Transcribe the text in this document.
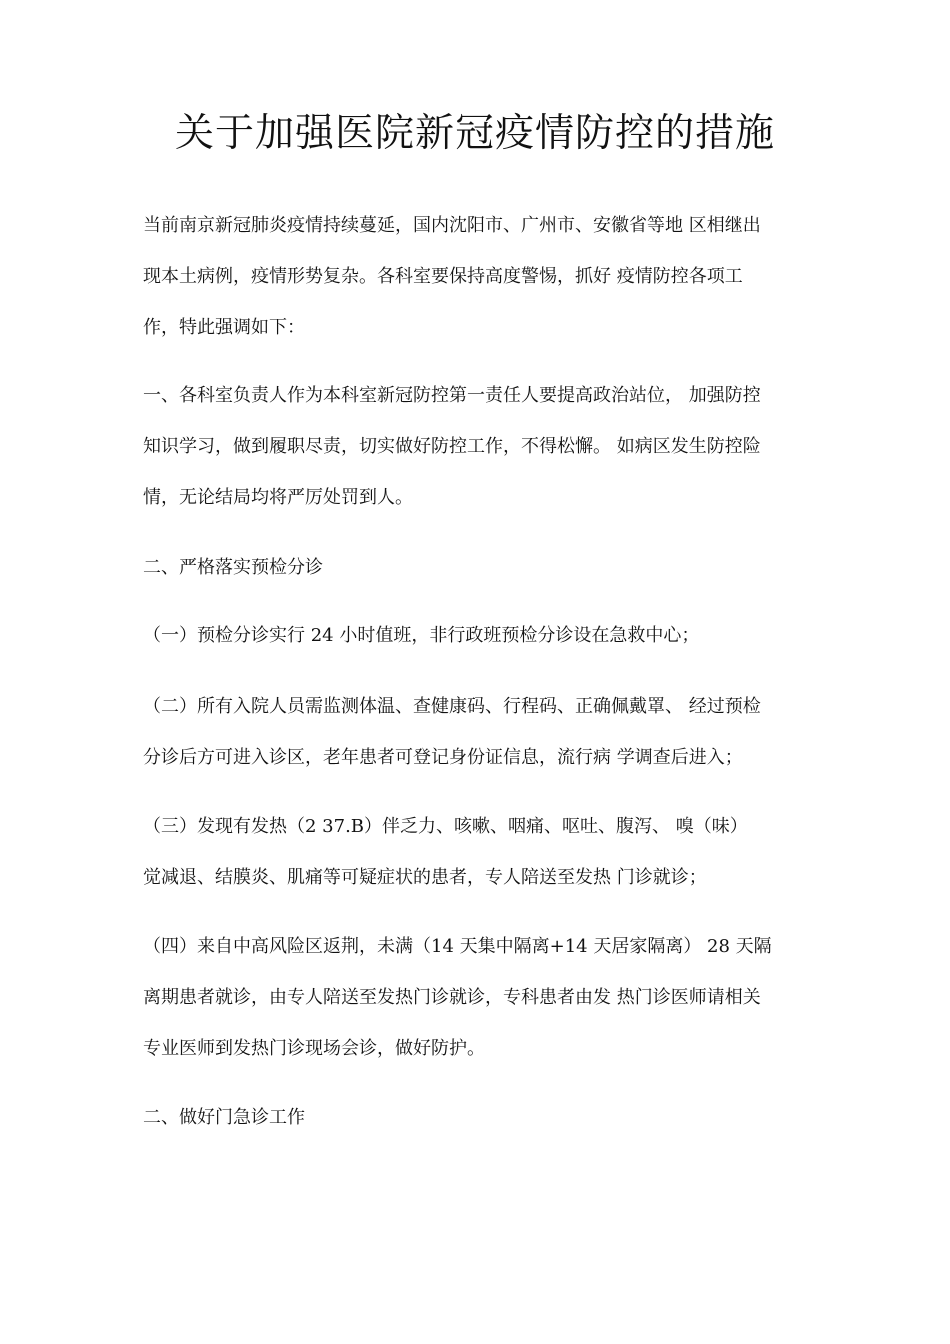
关于加强医院新冠疫情防控的措施
当前南京新冠肺炎疫情持续蔓延，国内沈阳市、广州市、安徽省等地 区相继出
现本土病例，疫情形势复杂。各科室要保持高度警惕，抓好 疫情防控各项工
作，特此强调如下：
一、各科室负责人作为本科室新冠防控第一责任人要提高政治站位， 加强防控
知识学习，做到履职尽责，切实做好防控工作，不得松懈。 如病区发生防控险
情，无论结局均将严厉处罚到人。
二、严格落实预检分诊
（一）预检分诊实行 24 小时值班，非行政班预检分诊设在急救中心；
（二）所有入院人员需监测体温、查健康码、行程码、正确佩戴罩、 经过预检
分诊后方可进入诊区，老年患者可登记身份证信息，流行病 学调查后进入；
（三）发现有发热（2 37.B）伴乏力、咳嗽、咽痛、呕吐、腹泻、 嗅（味）
觉减退、结膜炎、肌痛等可疑症状的患者，专人陪送至发热 门诊就诊；
（四）来自中高风险区返荆，未满（14 天集中隔离+14 天居家隔离） 28 天隔
离期患者就诊，由专人陪送至发热门诊就诊，专科患者由发 热门诊医师请相关
专业医师到发热门诊现场会诊，做好防护。
二、做好门急诊工作
